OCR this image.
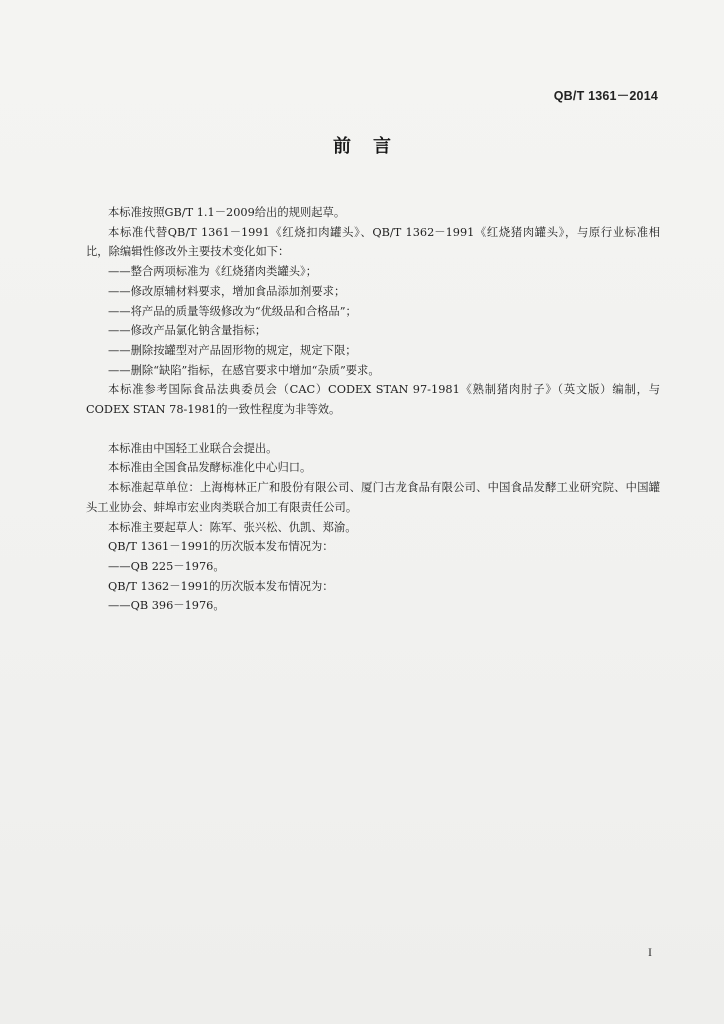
QB/T 1361－2014
前言

本标准按照GB/T 1.1－2009给出的规则起草。

本标准代替QB/T 1361－1991《红烧扣肉罐头》、QB/T 1362－1991《红烧猪肉罐头》，与原行业标准相比，除编辑性修改外主要技术变化如下：

——整合两项标准为《红烧猪肉类罐头》；

——修改原辅材料要求，增加食品添加剂要求；

——将产品的质量等级修改为“优级品和合格品”；

——修改产品氯化钠含量指标；

——删除按罐型对产品固形物的规定，规定下限；

——删除“缺陷”指标，在感官要求中增加“杂质”要求。

本标准参考国际食品法典委员会（CAC）CODEX STAN 97-1981《熟制猪肉肘子》（英文版）编制，与CODEX STAN 78-1981的一致性程度为非等效。

本标准由中国轻工业联合会提出。

本标准由全国食品发酵标准化中心归口。

本标准起草单位：上海梅林正广和股份有限公司、厦门古龙食品有限公司、中国食品发酵工业研究院、中国罐头工业协会、蚌埠市宏业肉类联合加工有限责任公司。

本标准主要起草人：陈军、张兴松、仇凯、郑渝。

QB/T 1361－1991的历次版本发布情况为：

——QB 225－1976。

QB/T 1362－1991的历次版本发布情况为：

——QB 396－1976。

I
